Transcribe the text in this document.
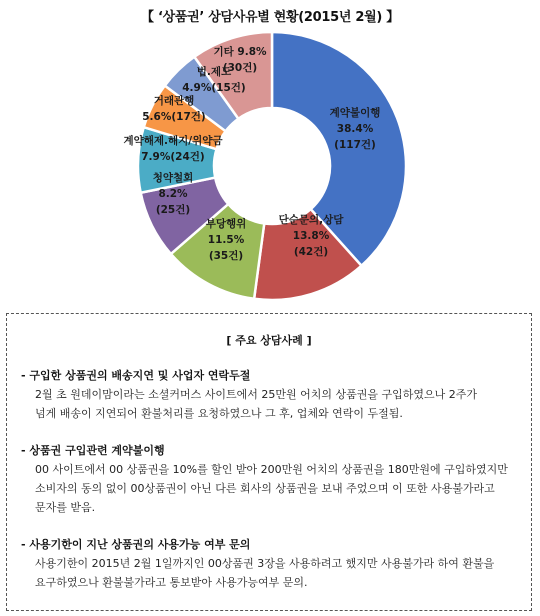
【 ‘상품권’ 상담사유별 현황(2015년 2월) 】
계약불이행
38.4%
(117건)
단순문의,상담
13.8%
(42건)
부당행위
11.5%
(35건)
청약철회
8.2%
(25건)
계약해제.해지/위약금
7.9%(24건)
거래관행
5.6%(17건)
법.제도
4.9%(15건)
기타 9.8%
(30건)
[ 주요 상담사례 ]
- 구입한 상품권의 배송지연 및 사업자 연락두절
2월 초 원데이맘이라는 소셜커머스 사이트에서 25만원 어치의 상품권을 구입하였으나 2주가
넘게 배송이 지연되어 환불처리를 요청하였으나 그 후, 업체와 연락이 두절됨.
- 상품권 구입관련 계약불이행
00 사이트에서 00 상품권을 10%를 할인 받아 200만원 어치의 상품권을 180만원에 구입하였지만
소비자의 동의 없이 00상품권이 아닌 다른 회사의 상품권을 보내 주었으며 이 또한 사용불가라고
문자를 받음.
- 사용기한이 지난 상품권의 사용가능 여부 문의
사용기한이 2015년 2월 1일까지인 00상품권 3장을 사용하려고 했지만 사용불가라 하여 환불을
요구하였으나 환불불가라고 통보받아 사용가능여부 문의.
